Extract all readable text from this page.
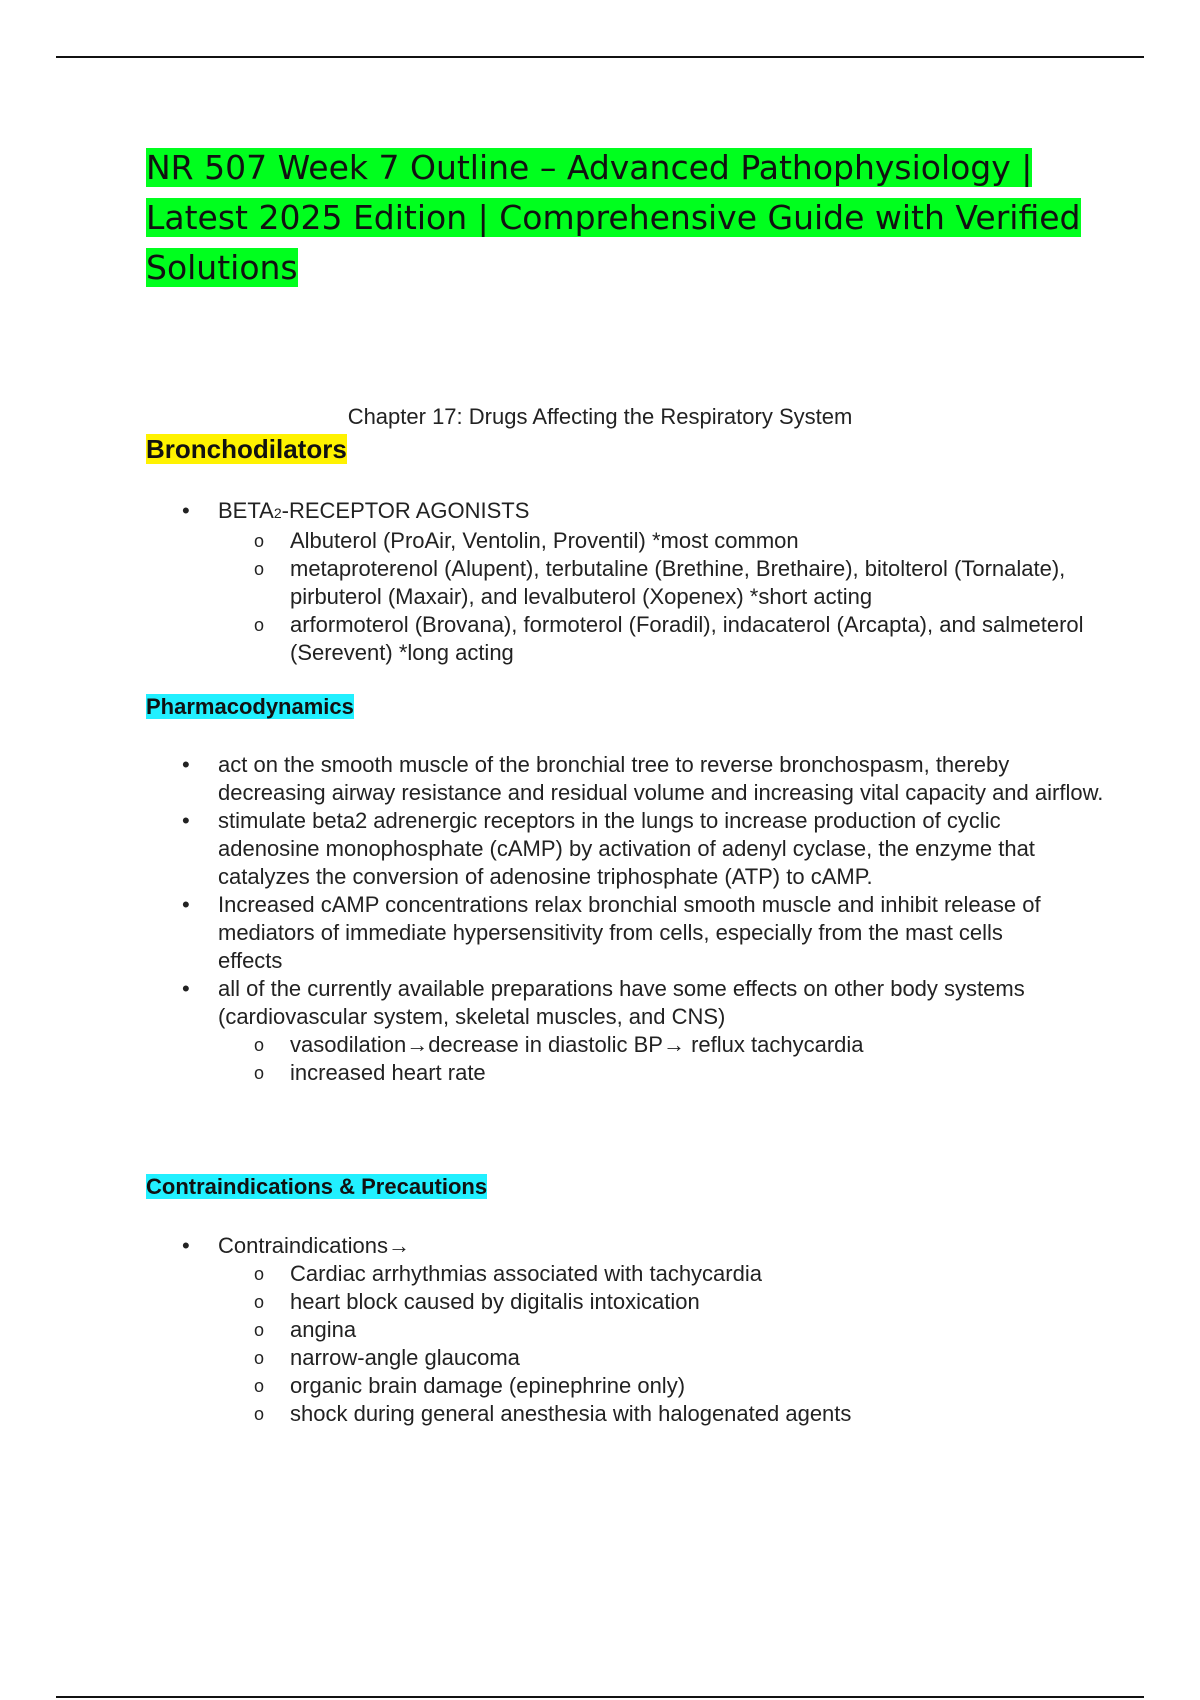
NR 507 Week 7 Outline – Advanced Pathophysiology | Latest 2025 Edition | Comprehensive Guide with Verified Solutions
Chapter 17: Drugs Affecting the Respiratory System
Bronchodilators
• BETA2-RECEPTOR AGONISTS
o Albuterol (ProAir, Ventolin, Proventil) *most common
o metaproterenol (Alupent), terbutaline (Brethine, Brethaire), bitolterol (Tornalate), pirbuterol (Maxair), and levalbuterol (Xopenex) *short acting
o arformoterol (Brovana), formoterol (Foradil), indacaterol (Arcapta), and salmeterol (Serevent) *long acting
Pharmacodynamics
• act on the smooth muscle of the bronchial tree to reverse bronchospasm, thereby decreasing airway resistance and residual volume and increasing vital capacity and airflow.
• stimulate beta2 adrenergic receptors in the lungs to increase production of cyclic adenosine monophosphate (cAMP) by activation of adenyl cyclase, the enzyme that catalyzes the conversion of adenosine triphosphate (ATP) to cAMP.
• Increased cAMP concentrations relax bronchial smooth muscle and inhibit release of mediators of immediate hypersensitivity from cells, especially from the mast cells
effects
• all of the currently available preparations have some effects on other body systems (cardiovascular system, skeletal muscles, and CNS)
o vasodilation→decrease in diastolic BP→ reflux tachycardia
o increased heart rate
Contraindications & Precautions
• Contraindications→
o Cardiac arrhythmias associated with tachycardia
o heart block caused by digitalis intoxication
o angina
o narrow-angle glaucoma
o organic brain damage (epinephrine only)
o shock during general anesthesia with halogenated agents
